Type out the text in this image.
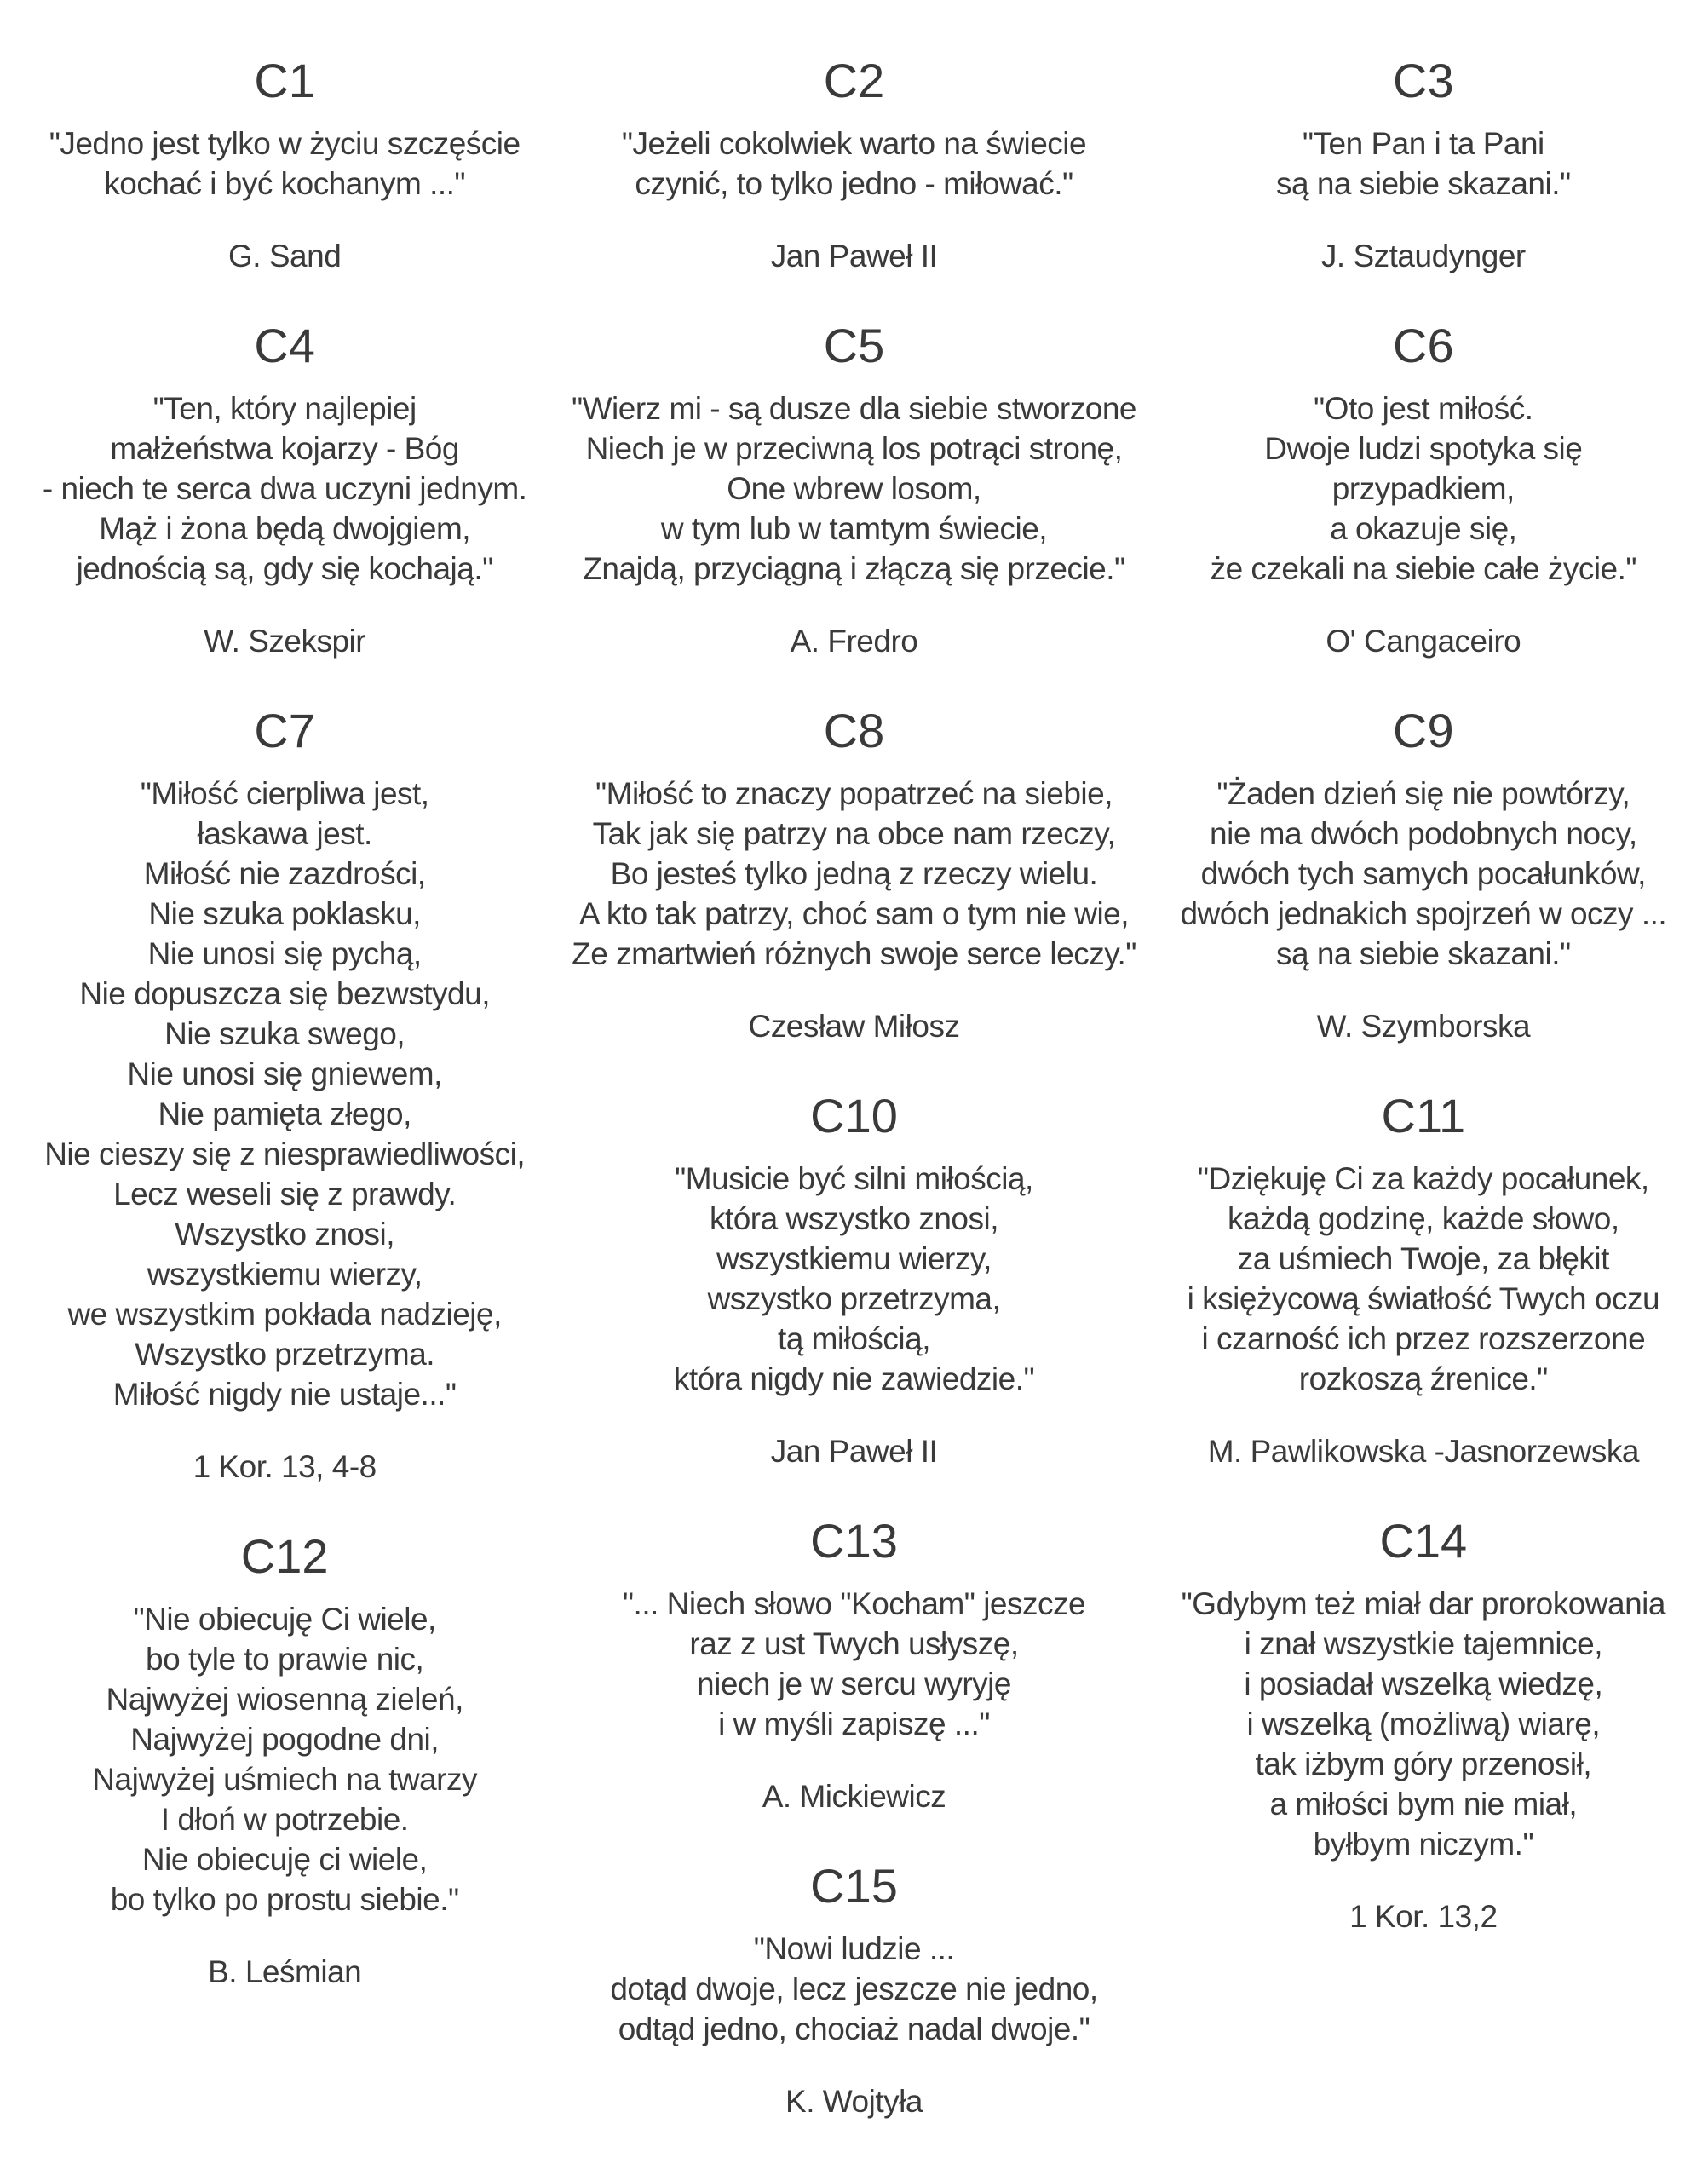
C1

"Jedno jest tylko w życiu szczęście
kochać i być kochanym ..."

G. Sand

C4

"Ten, który najlepiej
małżeństwa kojarzy - Bóg
- niech te serca dwa uczyni jednym.
Mąż i żona będą dwojgiem,
jednością są, gdy się kochają."

W. Szekspir

C7

"Miłość cierpliwa jest,
łaskawa jest.
Miłość nie zazdrości,
Nie szuka poklasku,
Nie unosi się pychą,
Nie dopuszcza się bezwstydu,
Nie szuka swego,
Nie unosi się gniewem,
Nie pamięta złego,
Nie cieszy się z niesprawiedliwości,
Lecz weseli się z prawdy.
Wszystko znosi,
wszystkiemu wierzy,
we wszystkim pokłada nadzieję,
Wszystko przetrzyma.
Miłość nigdy nie ustaje..."

1 Kor. 13, 4-8

C12

"Nie obiecuję Ci wiele,
bo tyle to prawie nic,
Najwyżej wiosenną zieleń,
Najwyżej pogodne dni,
Najwyżej uśmiech na twarzy
I dłoń w potrzebie.
Nie obiecuję ci wiele,
bo tylko po prostu siebie."

B. Leśmian

C2

"Jeżeli cokolwiek warto na świecie
czynić, to tylko jedno - miłować."

Jan Paweł II

C5

"Wierz mi - są dusze dla siebie stworzone
Niech je w przeciwną los potrąci stronę,
One wbrew losom,
w tym lub w tamtym świecie,
Znajdą, przyciągną i złączą się przecie."

A. Fredro

C8

"Miłość to znaczy popatrzeć na siebie,
Tak jak się patrzy na obce nam rzeczy,
Bo jesteś tylko jedną z rzeczy wielu.
A kto tak patrzy, choć sam o tym nie wie,
Ze zmartwień różnych swoje serce leczy."

Czesław Miłosz

C10

"Musicie być silni miłością,
która wszystko znosi,
wszystkiemu wierzy,
wszystko przetrzyma,
tą miłością,
która nigdy nie zawiedzie."

Jan Paweł II

C13

"... Niech słowo "Kocham" jeszcze
raz z ust Twych usłyszę,
niech je w sercu wyryję
i w myśli zapiszę ..."

A. Mickiewicz

C15

"Nowi ludzie ...
dotąd dwoje, lecz jeszcze nie jedno,
odtąd jedno, chociaż nadal dwoje."

K. Wojtyła

C3

"Ten Pan i ta Pani
są na siebie skazani."

J. Sztaudynger

C6

"Oto jest miłość.
Dwoje ludzi spotyka się
przypadkiem,
a okazuje się,
że czekali na siebie całe życie."

O' Cangaceiro

C9

"Żaden dzień się nie powtórzy,
nie ma dwóch podobnych nocy,
dwóch tych samych pocałunków,
dwóch jednakich spojrzeń w oczy ...
są na siebie skazani."

W. Szymborska

C11

"Dziękuję Ci za każdy pocałunek,
każdą godzinę, każde słowo,
za uśmiech Twoje, za błękit
i księżycową światłość Twych oczu
i czarność ich przez rozszerzone
rozkoszą źrenice."

M. Pawlikowska -Jasnorzewska

C14

"Gdybym też miał dar prorokowania
i znał wszystkie tajemnice,
i posiadał wszelką wiedzę,
i wszelką (możliwą) wiarę,
tak iżbym góry przenosił,
a miłości bym nie miał,
byłbym niczym."

1 Kor. 13,2
